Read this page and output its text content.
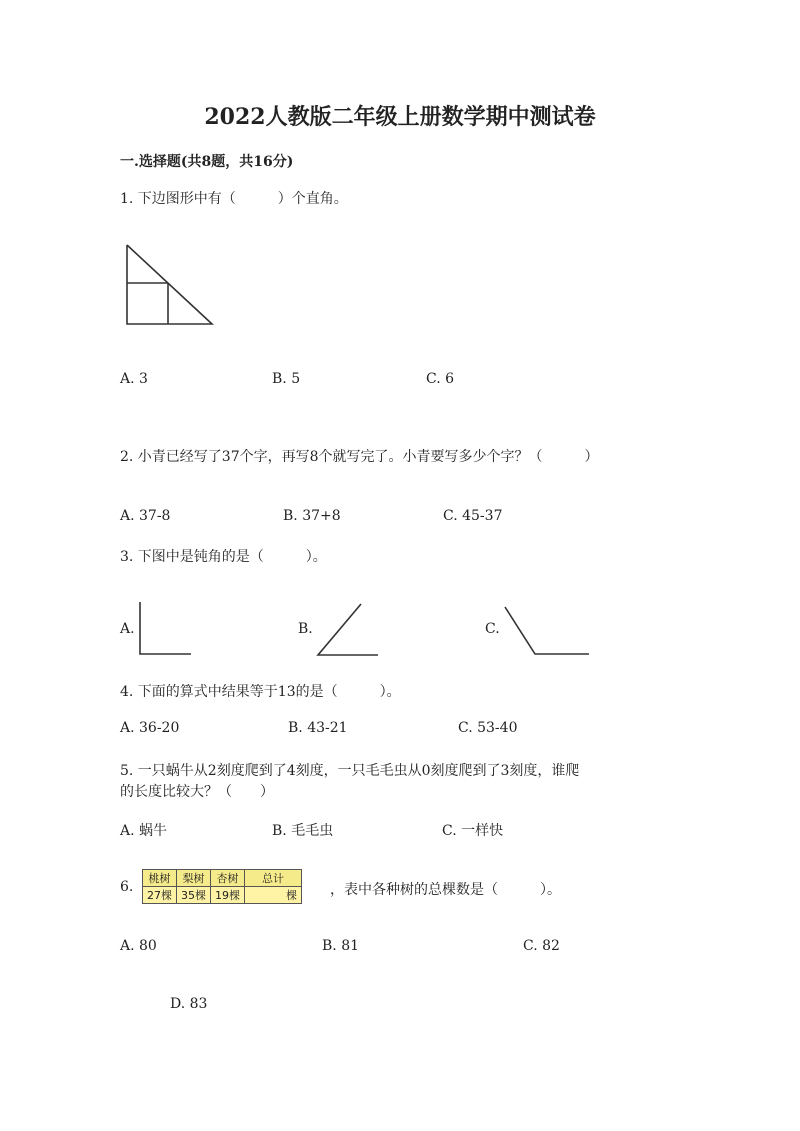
2022人教版二年级上册数学期中测试卷
一.选择题(共8题，共16分)
1. 下边图形中有（　　　）个直角。
A. 3	B. 5	C. 6
2. 小青已经写了37个字，再写8个就写完了。小青要写多少个字？（　　　）
A. 37-8	B. 37+8	C. 45-37
3. 下图中是钝角的是（　　　）。
A.	B.	C.
4. 下面的算式中结果等于13的是（　　　）。
A. 36-20	B. 43-21	C. 53-40
5. 一只蜗牛从2刻度爬到了4刻度，一只毛毛虫从0刻度爬到了3刻度，谁爬
的长度比较大？（　　）
A. 蜗牛	B. 毛毛虫	C. 一样快
6.
桃树	梨树	杏树	总计
27棵	35棵	19棵	棵 ，表中各种树的总棵数是（　　　）。
A. 80	B. 81	C. 82
D. 83
